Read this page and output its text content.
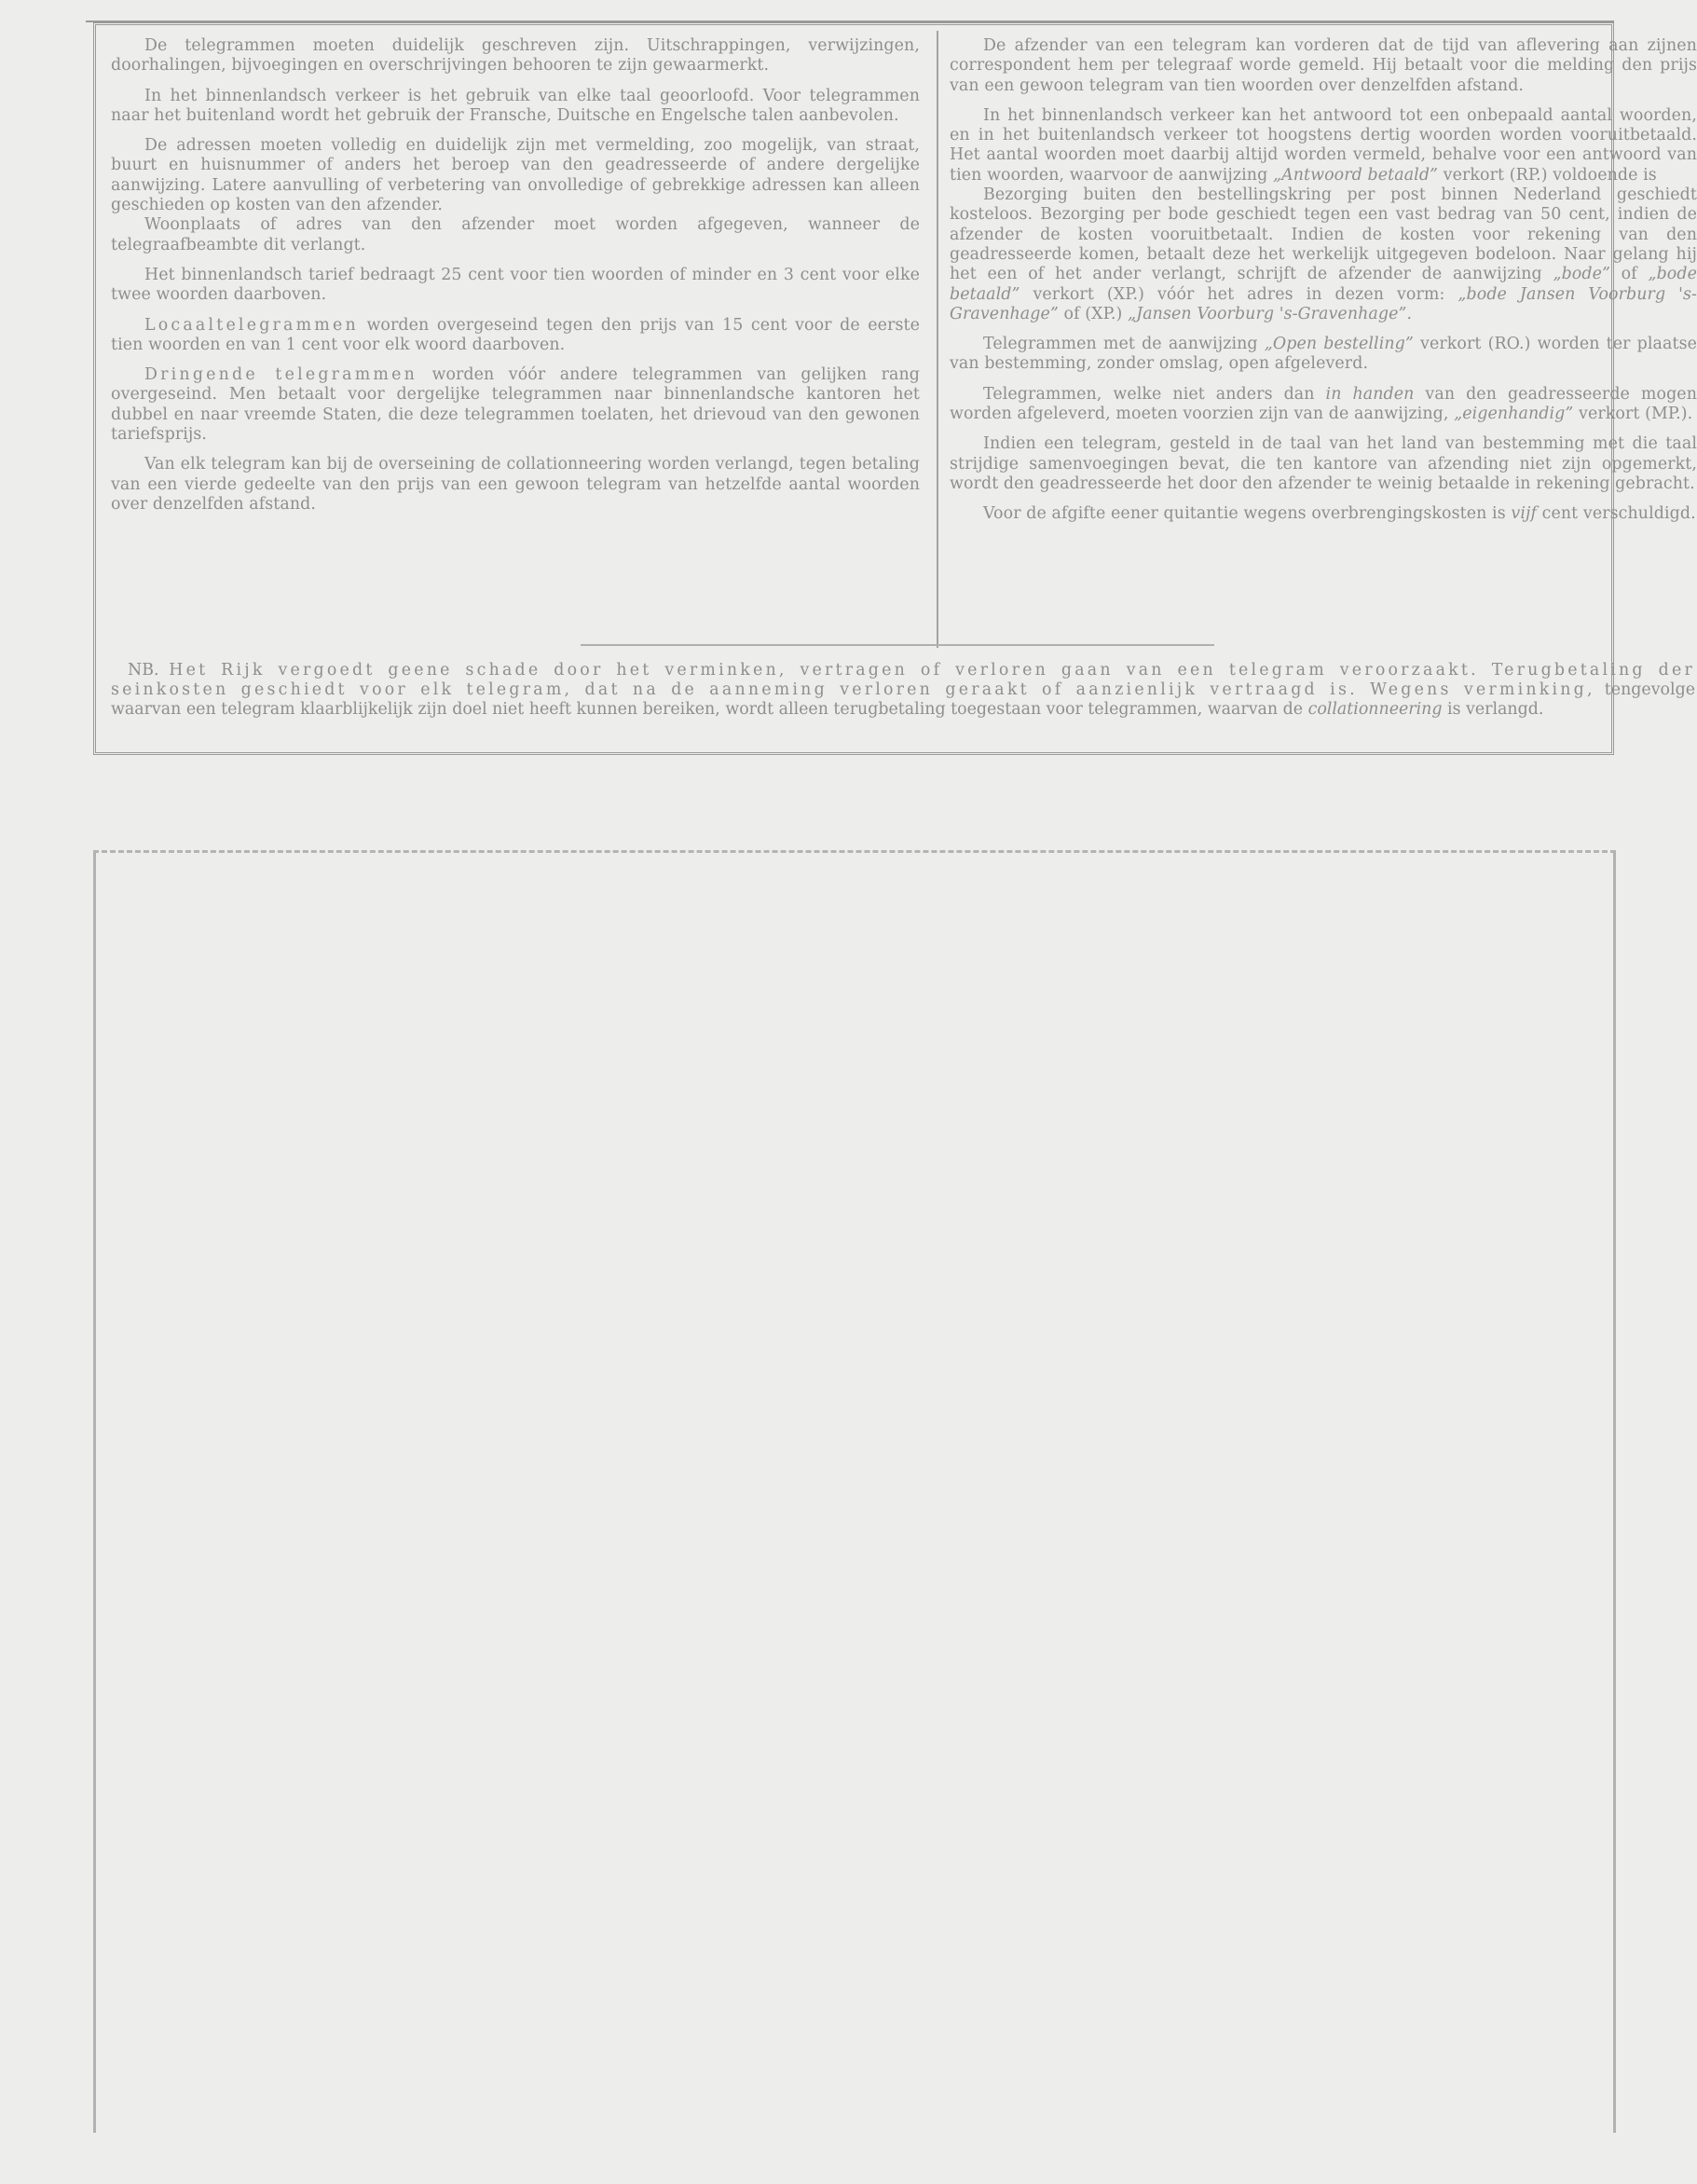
De telegrammen moeten duidelijk geschreven zijn. Uitschrappingen, verwijzingen, doorhalingen, bijvoegingen en overschrijvingen behooren te zijn gewaarmerkt.

In het binnenlandsch verkeer is het gebruik van elke taal geoorloofd. Voor telegrammen naar het buitenland wordt het gebruik der Fransche, Duitsche en Engelsche talen aanbevolen.

De adressen moeten volledig en duidelijk zijn met vermelding, zoo mogelijk, van straat, buurt en huisnummer of anders het beroep van den geadresseerde of andere dergelijke aanwijzing. Latere aanvulling of verbetering van onvolledige of gebrekkige adressen kan alleen geschieden op kosten van den afzender.

Woonplaats of adres van den afzender moet worden afgegeven, wanneer de telegraafbeambte dit verlangt.

Het binnenlandsch tarief bedraagt 25 cent voor tien woorden of minder en 3 cent voor elke twee woorden daarboven.

Locaaltelegrammen worden overgeseind tegen den prijs van 15 cent voor de eerste tien woorden en van 1 cent voor elk woord daarboven.

Dringende telegrammen worden vóór andere telegrammen van gelijken rang overgeseind. Men betaalt voor dergelijke telegrammen naar binnenlandsche kantoren het dubbel en naar vreemde Staten, die deze telegrammen toelaten, het drievoud van den gewonen tariefsprijs.

Van elk telegram kan bij de overseining de collationneering worden verlangd, tegen betaling van een vierde gedeelte van den prijs van een gewoon telegram van hetzelfde aantal woorden over denzelfden afstand.

De afzender van een telegram kan vorderen dat de tijd van aflevering aan zijnen correspondent hem per telegraaf worde gemeld. Hij betaalt voor die melding den prijs van een gewoon telegram van tien woorden over denzelfden afstand.

In het binnenlandsch verkeer kan het antwoord tot een onbepaald aantal woorden, en in het buitenlandsch verkeer tot hoogstens dertig woorden worden vooruitbetaald. Het aantal woorden moet daarbij altijd worden vermeld, behalve voor een antwoord van tien woorden, waarvoor de aanwijzing „Antwoord betaald” verkort (RP.) voldoende is

Bezorging buiten den bestellingskring per post binnen Nederland geschiedt kosteloos. Bezorging per bode geschiedt tegen een vast bedrag van 50 cent, indien de afzender de kosten vooruitbetaalt. Indien de kosten voor rekening van den geadresseerde komen, betaalt deze het werkelijk uitgegeven bodeloon. Naar gelang hij het een of het ander verlangt, schrijft de afzender de aanwijzing „bode” of „bode betaald” verkort (XP.) vóór het adres in dezen vorm: „bode Jansen Voorburg 's-Gravenhage” of (XP.) „Jansen Voorburg 's-Gravenhage”.

Telegrammen met de aanwijzing „Open bestelling” verkort (RO.) worden ter plaatse van bestemming, zonder omslag, open afgeleverd.

Telegrammen, welke niet anders dan in handen van den geadresseerde mogen worden afgeleverd, moeten voorzien zijn van de aanwijzing, „eigenhandig” verkort (MP.).

Indien een telegram, gesteld in de taal van het land van bestemming met die taal strijdige samenvoegingen bevat, die ten kantore van afzending niet zijn opgemerkt, wordt den geadresseerde het door den afzender te weinig betaalde in rekening gebracht.

Voor de afgifte eener quitantie wegens overbrengingskosten is vijf cent verschuldigd.

NB. Het Rijk vergoedt geene schade door het verminken, vertragen of verloren gaan van een telegram veroorzaakt. Terugbetaling der seinkosten geschiedt voor elk telegram, dat na de aanneming verloren geraakt of aanzienlijk vertraagd is. Wegens verminking, tengevolge waarvan een telegram klaarblijkelijk zijn doel niet heeft kunnen bereiken, wordt alleen terugbetaling toegestaan voor telegrammen, waarvan de collationneering is verlangd.
